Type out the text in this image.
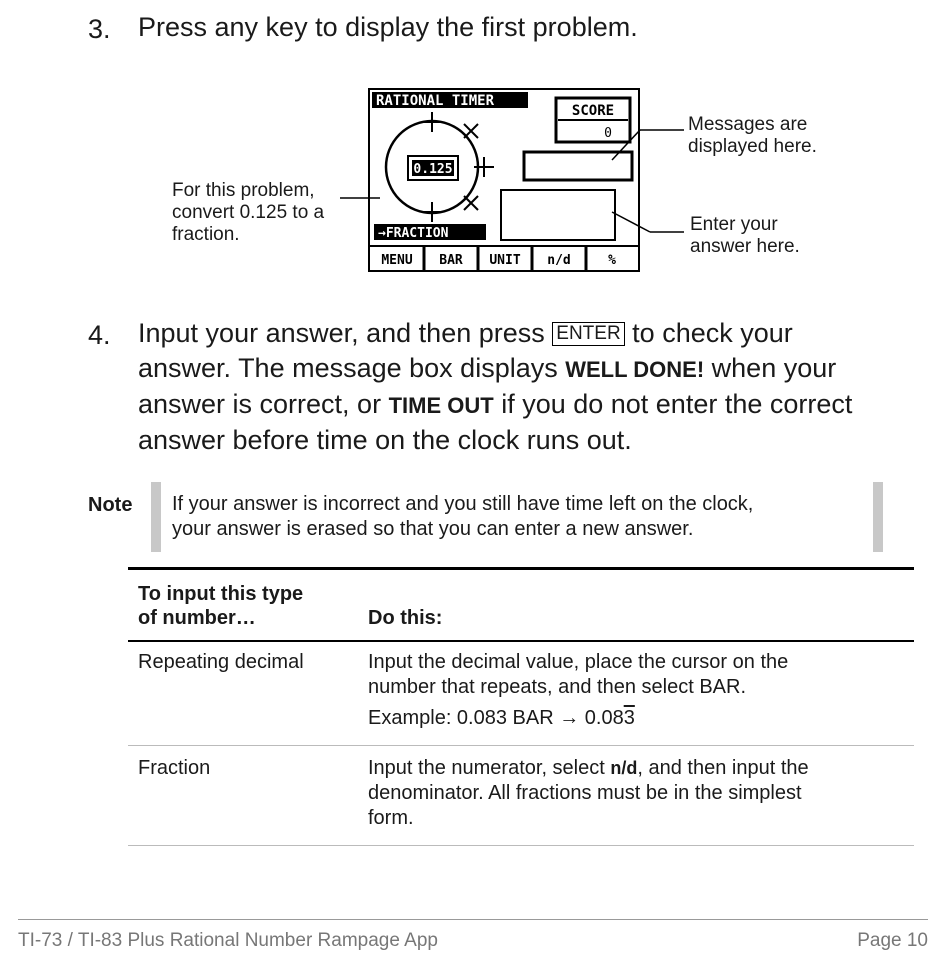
3. Press any key to display the first problem.
RATIONAL TIMER
SCORE
0
0.125
→FRACTION
MENU BAR UNIT n/d	%
For this problem,
convert 0.125 to a
fraction.
Messages are
displayed here.
Enter your
answer here.
4. Input your answer, and then press ENTER to check your
answer. The message box displays WELL DONE! when your
answer is correct, or TIME OUT if you do not enter the correct
answer before time on the clock runs out.
Note If your answer is incorrect and you still have time left on the clock,
your answer is erased so that you can enter a new answer.
To input this type
of number…	Do this:
Repeating decimal	Input the decimal value, place the cursor on the
number that repeats, and then select BAR.
Example: 0.083 BAR → 0.083
Fraction	Input the numerator, select n/d, and then input the
denominator. All fractions must be in the simplest
form.
TI-73 / TI-83 Plus Rational Number Rampage App	Page 10
